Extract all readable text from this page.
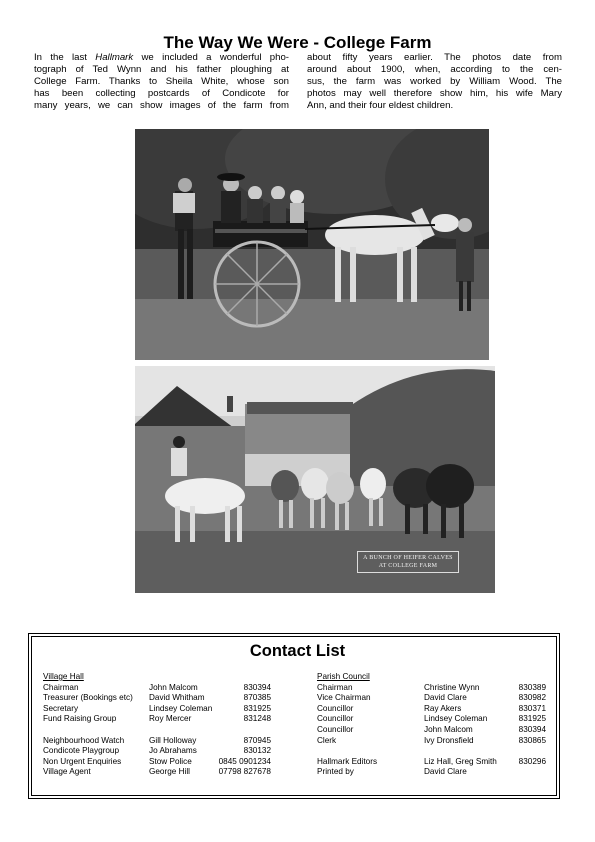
The Way We Were - College Farm
In the last Hallmark we included a wonderful pho-
tograph of Ted Wynn and his father ploughing at
College Farm. Thanks to Sheila White, whose son
has been collecting postcards of Condicote for
many years, we can show images of the farm from
about fifty years earlier. The photos date from
around about 1900, when, according to the cen-
sus, the farm was worked by William Wood. The
photos may well therefore show him, his wife Mary
Ann, and their four eldest children.
A BUNCH OF HEIFER CALVES
AT COLLEGE FARM
Contact List
Village Hall
Chairman
Treasurer (Bookings etc)
Secretary
Fund Raising Group
Neighbourhood Watch
Condicote Playgroup
Non Urgent Enquiries
Village Agent
John Malcom
David Whitham
Lindsey Coleman
Roy Mercer
Gill Holloway
Jo Abrahams
Stow Police
George Hill
830394
870385
831925
831248
870945
830132
0845 0901234
07798 827678
Parish Council
Chairman
Vice Chairman
Councillor
Councillor
Councillor
Clerk
Hallmark Editors
Printed by
Christine Wynn
David Clare
Ray Akers
Lindsey Coleman
John Malcom
Ivy Dronsfield
Liz Hall, Greg Smith
David Clare
830389
830982
830371
831925
830394
830865
830296
